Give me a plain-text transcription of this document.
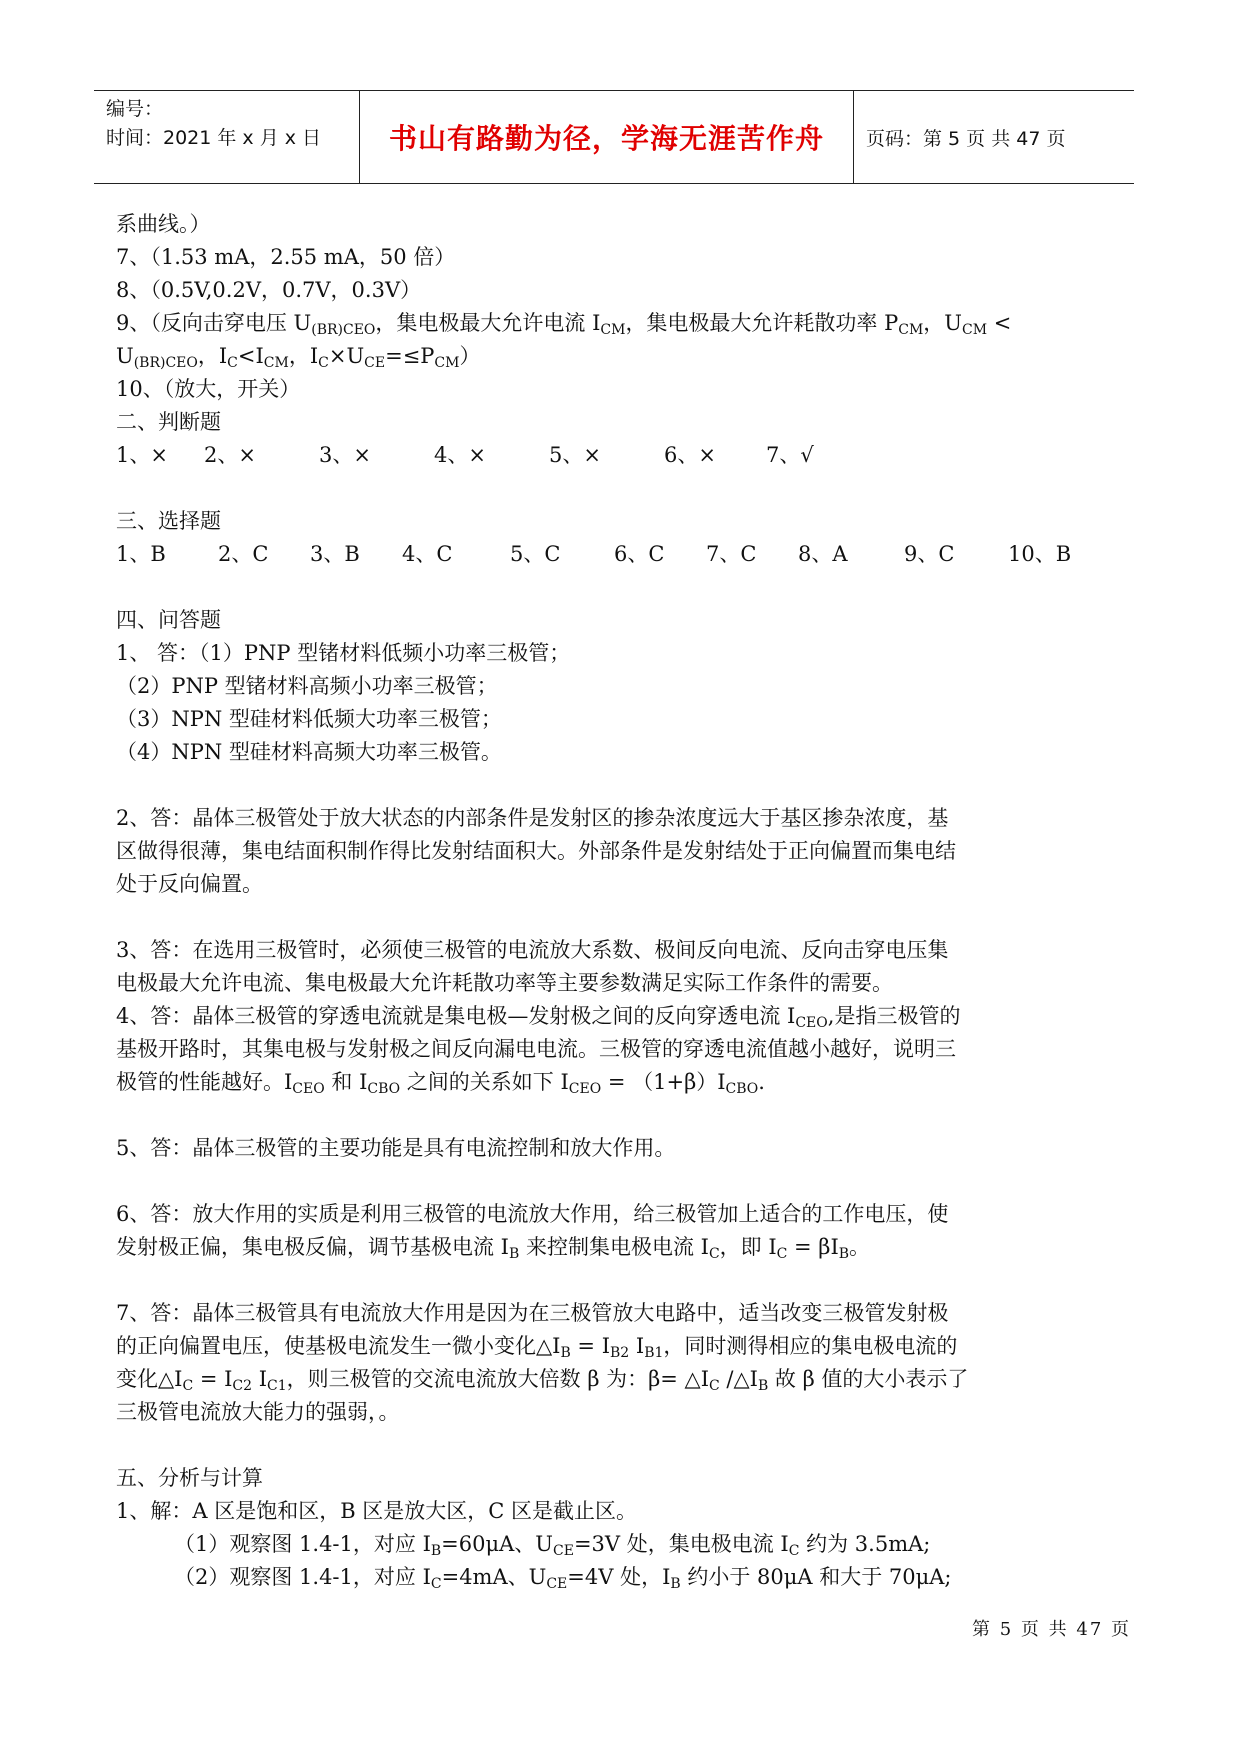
编号：
时间：2021 年 x 月 x 日	书山有路勤为径，学海无涯苦作舟	页码：第 5 页 共 47 页
系曲线。）
7、（1.53 mA，2.55 mA，50 倍）
8、（0.5V,0.2V，0.7V，0.3V）
9、（反向击穿电压 $U_{(BR)CEO}$，集电极最大允许电流 $I_{CM}$，集电极最大允许耗散功率 $P_{CM}$，$U_{CM}$ <
$U_{(BR)CEO}$，$I_C<I_{CM}$，$I_C\times U_{CE}=\le P_{CM}$）
10、（放大，开关）
二、判断题
1、×	2、×	3、×	4、×	5、×	6、×	7、√
三、选择题
1、B	2、C	3、B	4、C	5、C	6、C	7、C	8、A	9、C	10、B
四、问答题
1、 答：（1）PNP 型锗材料低频小功率三极管；
（2）PNP 型锗材料高频小功率三极管；
（3）NPN 型硅材料低频大功率三极管；
（4）NPN 型硅材料高频大功率三极管。
2、答：晶体三极管处于放大状态的内部条件是发射区的掺杂浓度远大于基区掺杂浓度，基
区做得很薄，集电结面积制作得比发射结面积大。外部条件是发射结处于正向偏置而集电结
处于反向偏置。
3、答：在选用三极管时，必须使三极管的电流放大系数、极间反向电流、反向击穿电压集
电极最大允许电流、集电极最大允许耗散功率等主要参数满足实际工作条件的需要。
4、答：晶体三极管的穿透电流就是集电极—发射极之间的反向穿透电流 $I_{CEO}$,是指三极管的
基极开路时，其集电极与发射极之间反向漏电电流。三极管的穿透电流值越小越好，说明三
极管的性能越好。$I_{CEO}$ 和 $I_{CBO}$ 之间的关系如下 $I_{CEO} = (1+\beta)I_{CBO}$.
5、答：晶体三极管的主要功能是具有电流控制和放大作用。
6、答：放大作用的实质是利用三极管的电流放大作用，给三极管加上适合的工作电压，使
发射极正偏，集电极反偏，调节基极电流 $I_B$ 来控制集电极电流 $I_C$，即 $I_C = \beta I_B$。
7、答：晶体三极管具有电流放大作用是因为在三极管放大电路中，适当改变三极管发射极
的正向偏置电压，使基极电流发生一微小变化$\triangle I_B = I_{B2}$ $I_{B1}$，同时测得相应的集电极电流的
变化$\triangle I_C = I_{C2}$ $I_{C1}$，则三极管的交流电流放大倍数 β 为：$\beta= \triangle I_C$ $/\triangle I_B$ 故 β 值的大小表示了
三极管电流放大能力的强弱，。
五、分析与计算
1、解：A 区是饱和区，B 区是放大区，C 区是截止区。
（1）观察图 1.4-1，对应 $I_B=60\mu A$、$U_{CE}=3V$ 处，集电极电流 $I_C$ 约为 3.5mA;
（2）观察图 1.4-1，对应 $I_C=4mA$、$U_{CE}=4V$ 处，$I_B$ 约小于 80μA 和大于 70μA;
第 5 页 共 47 页
